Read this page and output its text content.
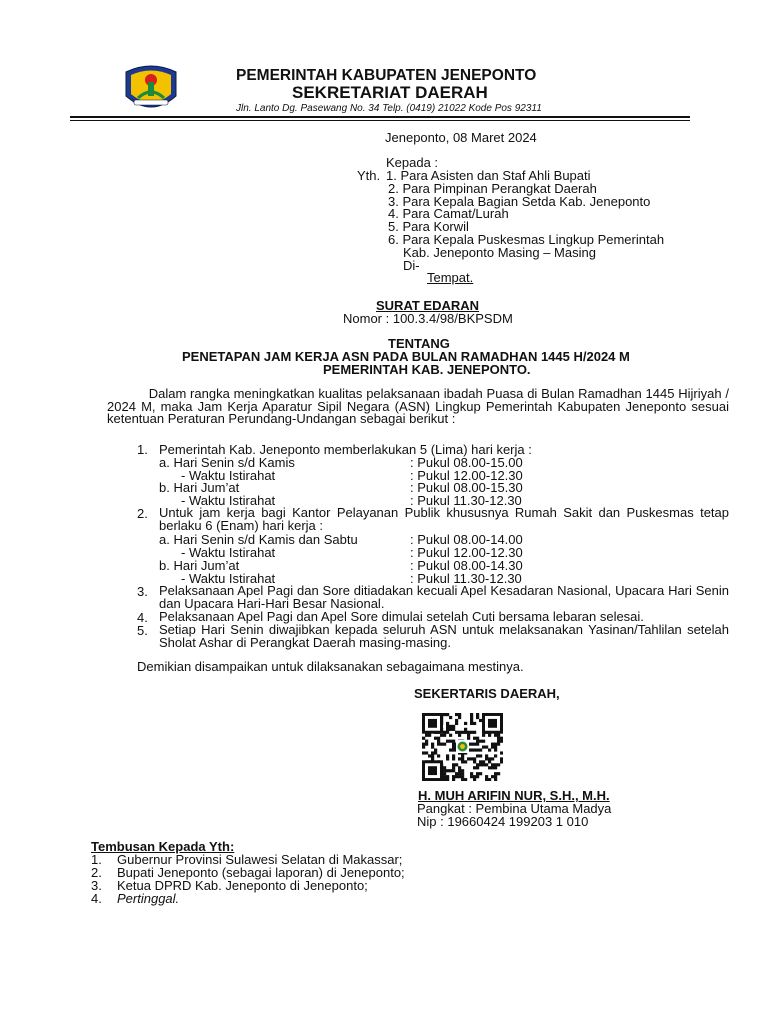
PEMERINTAH KABUPATEN JENEPONTO
SEKRETARIAT DAERAH
Jln. Lanto Dg. Pasewang No. 34 Telp. (0419) 21022 Kode Pos 92311
Jeneponto, 08 Maret 2024
Kepada :
Yth. 1. Para Asisten dan Staf Ahli Bupati
2. Para Pimpinan Perangkat Daerah
3. Para Kepala Bagian Setda Kab. Jeneponto
4. Para Camat/Lurah
5. Para Korwil
6. Para Kepala Puskesmas Lingkup Pemerintah
Kab. Jeneponto Masing – Masing
Di-
Tempat.
SURAT EDARAN
Nomor : 100.3.4/98/BKPSDM
TENTANG
PENETAPAN JAM KERJA ASN PADA BULAN RAMADHAN 1445 H/2024 M
PEMERINTAH KAB. JENEPONTO.
Dalam rangka meningkatkan kualitas pelaksanaan ibadah Puasa di Bulan Ramadhan 1445 Hijriyah / 2024 M, maka Jam Kerja Aparatur Sipil Negara (ASN) Lingkup Pemerintah Kabupaten Jeneponto sesuai ketentuan Peraturan Perundang-Undangan sebagai berikut :
1. Pemerintah Kab. Jeneponto memberlakukan 5 (Lima) hari kerja :
a. Hari Senin s/d Kamis	: Pukul 08.00-15.00
- Waktu Istirahat	: Pukul 12.00-12.30
b. Hari Jum’at	: Pukul 08.00-15.30
- Waktu Istirahat	: Pukul 11.30-12.30
2. Untuk jam kerja bagi Kantor Pelayanan Publik khususnya Rumah Sakit dan Puskesmas tetap berlaku 6 (Enam) hari kerja :
a. Hari Senin s/d Kamis dan Sabtu	: Pukul 08.00-14.00
- Waktu Istirahat	: Pukul 12.00-12.30
b. Hari Jum’at	: Pukul 08.00-14.30
- Waktu Istirahat	: Pukul 11.30-12.30
3. Pelaksanaan Apel Pagi dan Sore ditiadakan kecuali Apel Kesadaran Nasional, Upacara Hari Senin dan Upacara Hari-Hari Besar Nasional.
4. Pelaksanaan Apel Pagi dan Apel Sore dimulai setelah Cuti bersama lebaran selesai.
5. Setiap Hari Senin diwajibkan kepada seluruh ASN untuk melaksanakan Yasinan/Tahlilan setelah Sholat Ashar di Perangkat Daerah masing-masing.
Demikian disampaikan untuk dilaksanakan sebagaimana mestinya.
SEKERTARIS DAERAH,
H. MUH ARIFIN NUR, S.H., M.H.
Pangkat : Pembina Utama Madya
Nip : 19660424 199203 1 010
Tembusan Kepada Yth:
1. Gubernur Provinsi Sulawesi Selatan di Makassar;
2. Bupati Jeneponto (sebagai laporan) di Jeneponto;
3. Ketua DPRD Kab. Jeneponto di Jeneponto;
4. Pertinggal.
